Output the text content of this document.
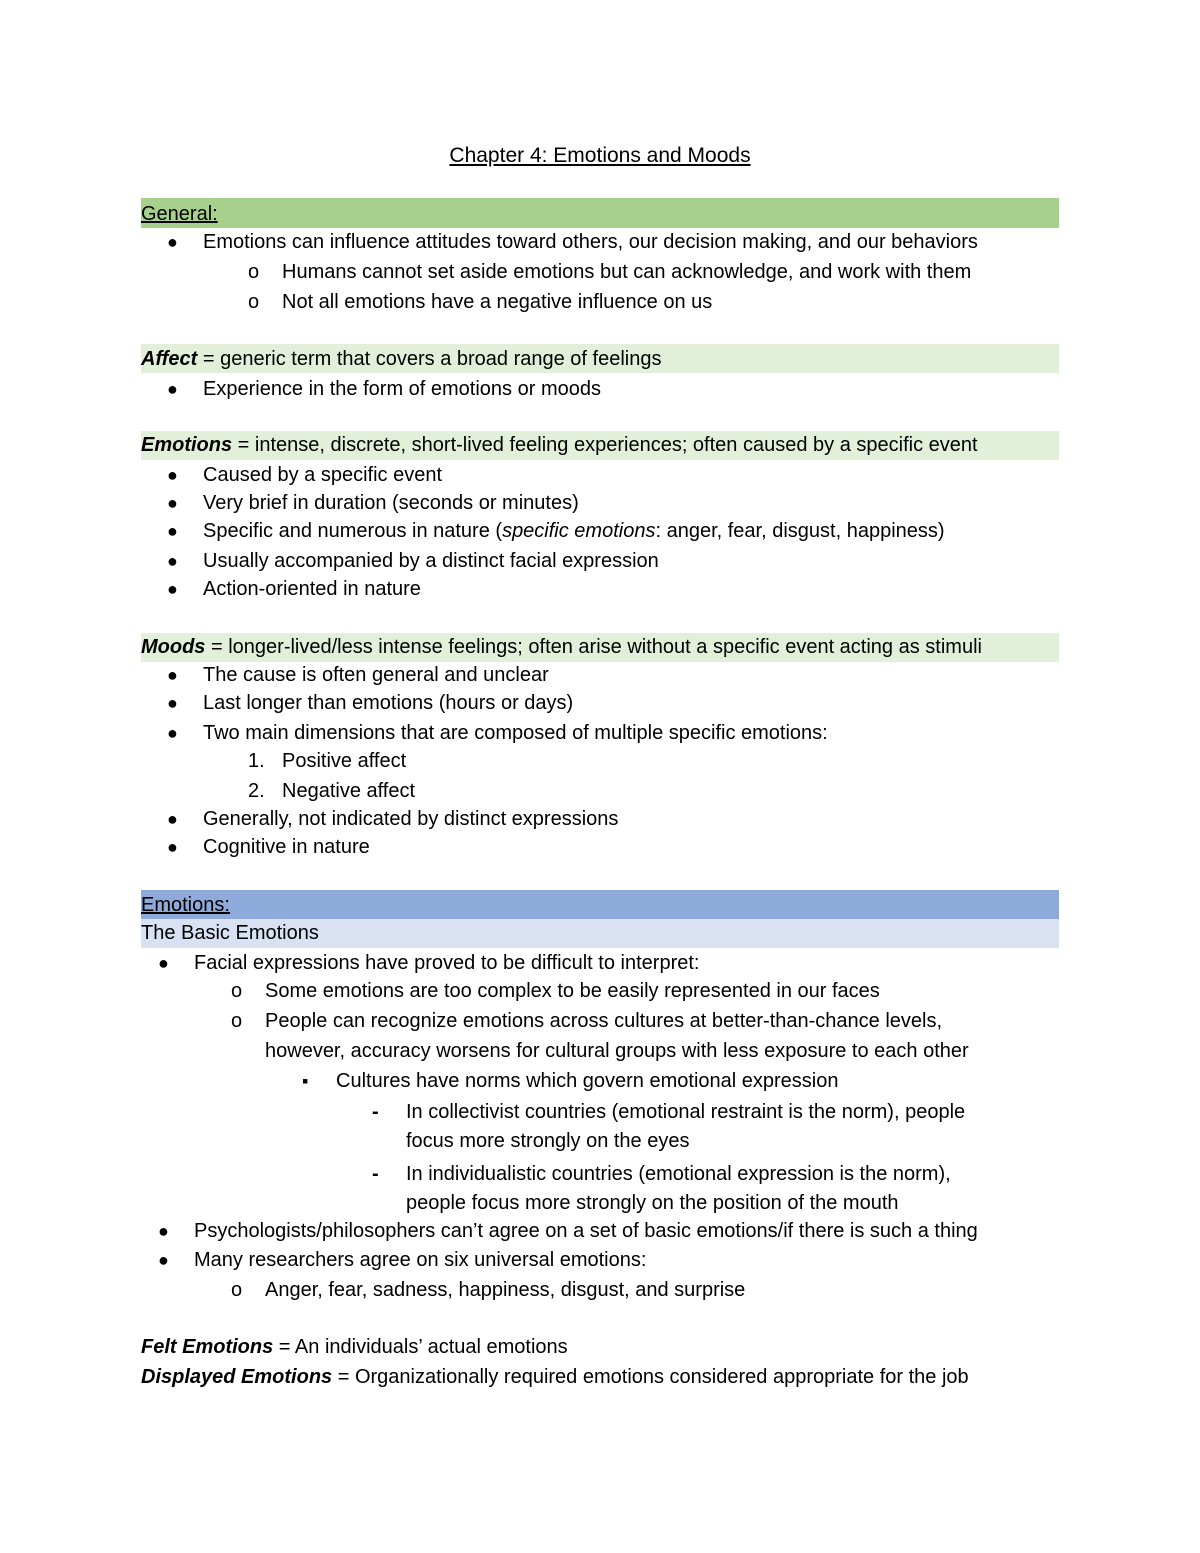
Chapter 4: Emotions and Moods
General:
● Emotions can influence attitudes toward others, our decision making, and our behaviors
o Humans cannot set aside emotions but can acknowledge, and work with them
o Not all emotions have a negative influence on us
Affect = generic term that covers a broad range of feelings
● Experience in the form of emotions or moods
Emotions = intense, discrete, short-lived feeling experiences; often caused by a specific event
● Caused by a specific event
● Very brief in duration (seconds or minutes)
● Specific and numerous in nature (specific emotions: anger, fear, disgust, happiness)
● Usually accompanied by a distinct facial expression
● Action-oriented in nature
Moods = longer-lived/less intense feelings; often arise without a specific event acting as stimuli
● The cause is often general and unclear
● Last longer than emotions (hours or days)
● Two main dimensions that are composed of multiple specific emotions:
1. Positive affect
2. Negative affect
● Generally, not indicated by distinct expressions
● Cognitive in nature
Emotions:
The Basic Emotions
● Facial expressions have proved to be difficult to interpret:
o Some emotions are too complex to be easily represented in our faces
o People can recognize emotions across cultures at better-than-chance levels,
however, accuracy worsens for cultural groups with less exposure to each other
▪ Cultures have norms which govern emotional expression
- In collectivist countries (emotional restraint is the norm), people
focus more strongly on the eyes
- In individualistic countries (emotional expression is the norm),
people focus more strongly on the position of the mouth
● Psychologists/philosophers can’t agree on a set of basic emotions/if there is such a thing
● Many researchers agree on six universal emotions:
o Anger, fear, sadness, happiness, disgust, and surprise
Felt Emotions = An individuals’ actual emotions
Displayed Emotions = Organizationally required emotions considered appropriate for the job
